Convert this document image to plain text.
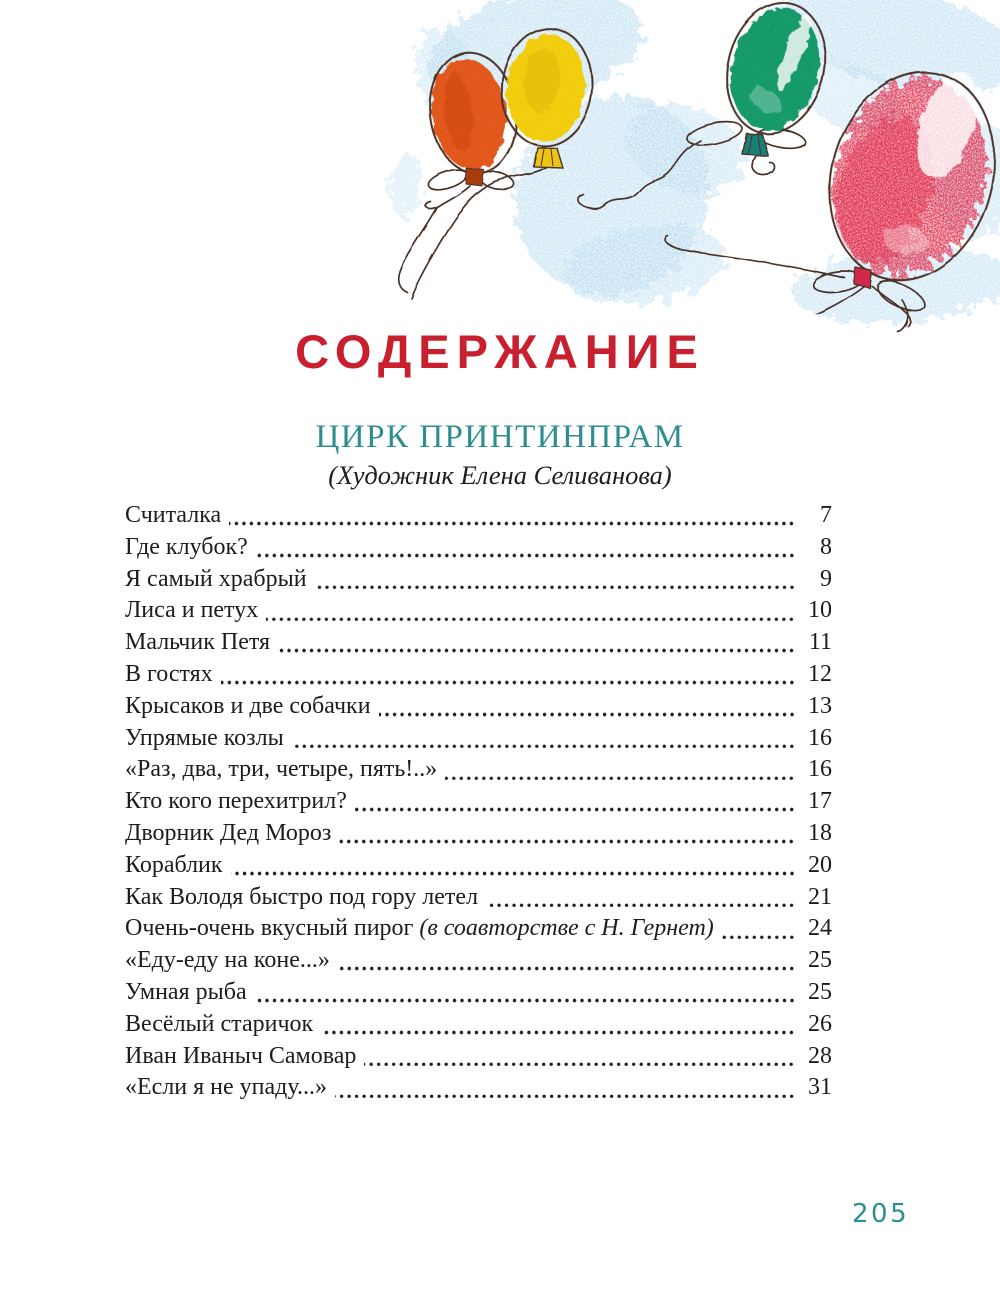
СОДЕРЖАНИЕ
ЦИРК ПРИНТИНПРАМ
(Художник Елена Селиванова)
Считалка	7
Где клубок?	8
Я самый храбрый	9
Лиса и петух	10
Мальчик Петя	11
В гостях	12
Крысаков и две собачки	13
Упрямые козлы	16
«Раз, два, три, четыре, пять!..»	16
Кто кого перехитрил?	17
Дворник Дед Мороз	18
Кораблик	20
Как Володя быстро под гору летел	21
Очень-очень вкусный пирог (в соавторстве с Н. Гернет)	24
«Еду-еду на коне...»	25
Умная рыба	25
Весёлый старичок	26
Иван Иваныч Самовар	28
«Если я не упаду...»	31
205
